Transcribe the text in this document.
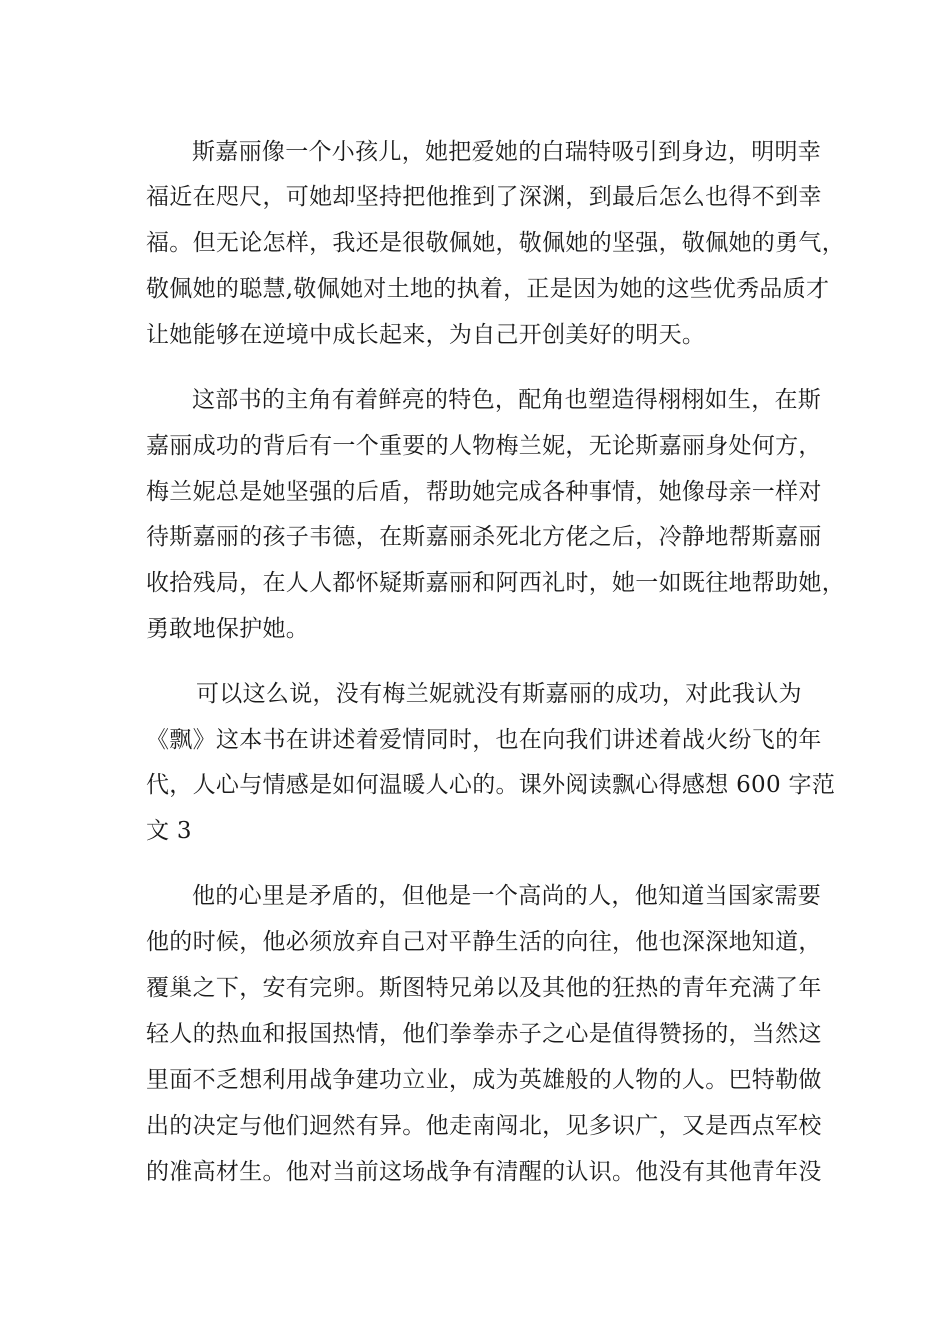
斯嘉丽像一个小孩儿，她把爱她的白瑞特吸引到身边，明明幸
福近在咫尺，可她却坚持把他推到了深渊，到最后怎么也得不到幸
福。但无论怎样，我还是很敬佩她，敬佩她的坚强，敬佩她的勇气，
敬佩她的聪慧,敬佩她对土地的执着，正是因为她的这些优秀品质才
让她能够在逆境中成长起来，为自己开创美好的明天。
这部书的主角有着鲜亮的特色，配角也塑造得栩栩如生，在斯
嘉丽成功的背后有一个重要的人物梅兰妮，无论斯嘉丽身处何方，
梅兰妮总是她坚强的后盾，帮助她完成各种事情，她像母亲一样对
待斯嘉丽的孩子韦德，在斯嘉丽杀死北方佬之后，冷静地帮斯嘉丽
收拾残局，在人人都怀疑斯嘉丽和阿西礼时，她一如既往地帮助她，
勇敢地保护她。
可以这么说，没有梅兰妮就没有斯嘉丽的成功，对此我认为
《飘》这本书在讲述着爱情同时，也在向我们讲述着战火纷飞的年
代，人心与情感是如何温暖人心的。课外阅读飘心得感想 600 字范
文 3
他的心里是矛盾的，但他是一个高尚的人，他知道当国家需要
他的时候，他必须放弃自己对平静生活的向往，他也深深地知道，
覆巢之下，安有完卵。斯图特兄弟以及其他的狂热的青年充满了年
轻人的热血和报国热情，他们拳拳赤子之心是值得赞扬的，当然这
里面不乏想利用战争建功立业，成为英雄般的人物的人。巴特勒做
出的决定与他们迥然有异。他走南闯北，见多识广，又是西点军校
的准高材生。他对当前这场战争有清醒的认识。他没有其他青年没
